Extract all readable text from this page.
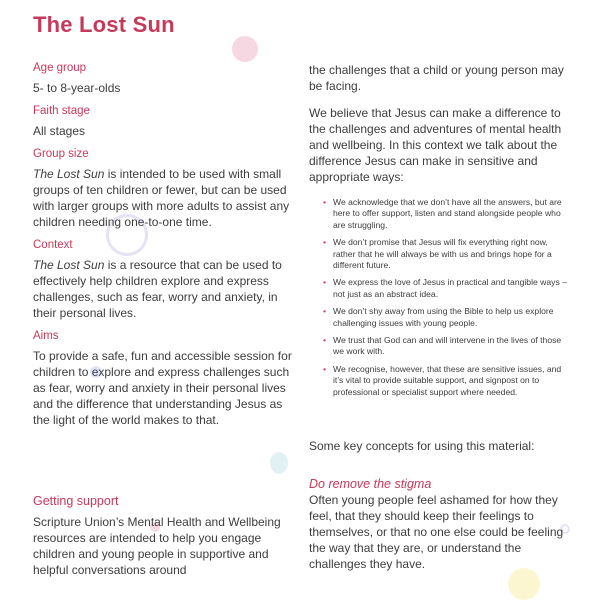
The Lost Sun
Age group
5- to 8-year-olds
Faith stage
All stages
Group size
The Lost Sun is intended to be used with small groups of ten children or fewer, but can be used with larger groups with more adults to assist any children needing one-to-one time.
Context
The Lost Sun is a resource that can be used to effectively help children explore and express challenges, such as fear, worry and anxiety, in their personal lives.
Aims
To provide a safe, fun and accessible session for children to explore and express challenges such as fear, worry and anxiety in their personal lives and the difference that understanding Jesus as the light of the world makes to that.
Getting support
Scripture Union’s Mental Health and Wellbeing resources are intended to help you engage children and young people in supportive and helpful conversations around
the challenges that a child or young person may be facing.
We believe that Jesus can make a difference to the challenges and adventures of mental health and wellbeing. In this context we talk about the difference Jesus can make in sensitive and appropriate ways:
• We acknowledge that we don’t have all the answers, but are here to offer support, listen and stand alongside people who are struggling.
• We don’t promise that Jesus will fix everything right now, rather that he will always be with us and brings hope for a different future.
• We express the love of Jesus in practical and tangible ways – not just as an abstract idea.
• We don’t shy away from using the Bible to help us explore challenging issues with young people.
• We trust that God can and will intervene in the lives of those we work with.
• We recognise, however, that these are sensitive issues, and it’s vital to provide suitable support, and signpost on to professional or specialist support where needed.
Some key concepts for using this material:
Do remove the stigma
Often young people feel ashamed for how they feel, that they should keep their feelings to themselves, or that no one else could be feeling the way that they are, or understand the challenges they have.
